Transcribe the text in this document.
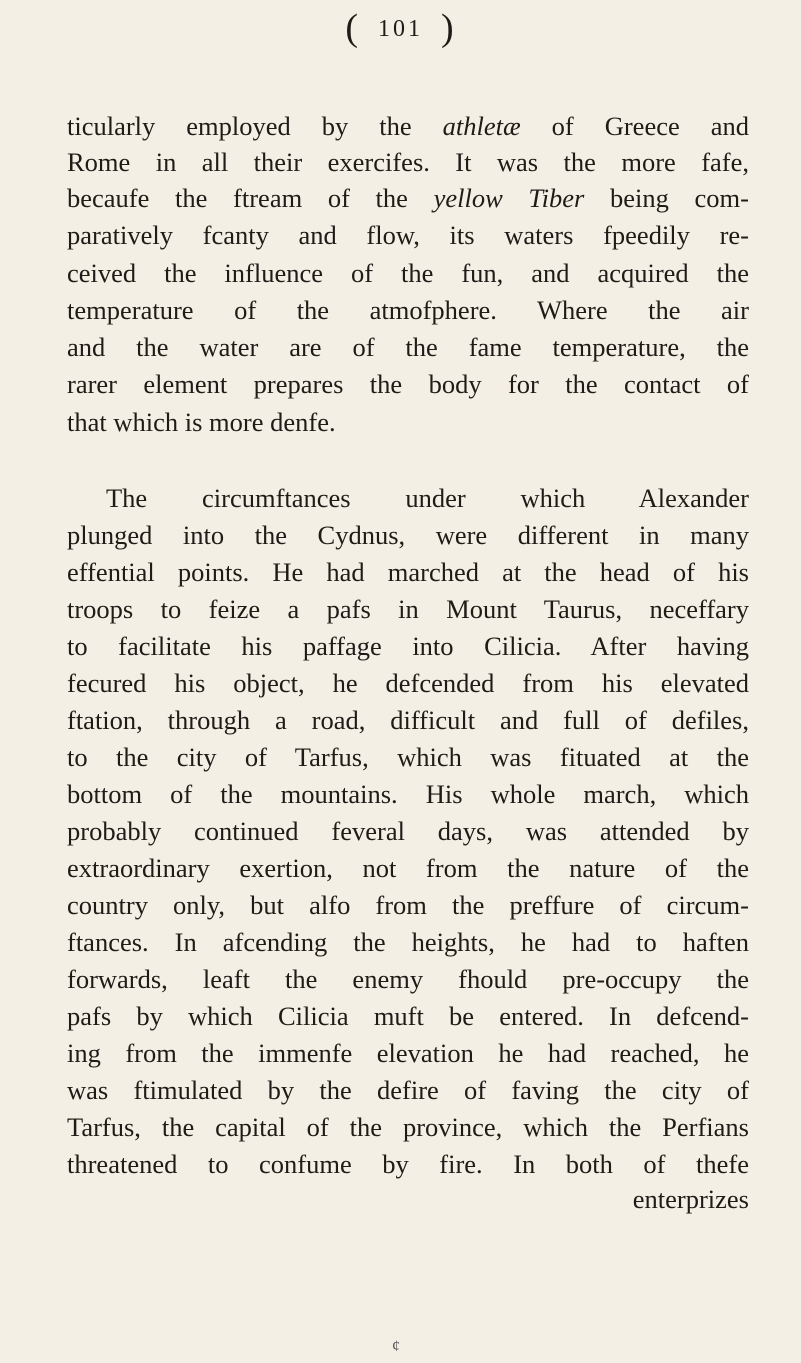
( 101 )
ticularly employed by the athletæ of Greece and
Rome in all their exercifes. It was the more fafe,
becaufe the ftream of the yellow Tiber being com-
paratively fcanty and flow, its waters fpeedily re-
ceived the influence of the fun, and acquired the
temperature of the atmofphere. Where the air
and the water are of the fame temperature, the
rarer element prepares the body for the contact of
that which is more denfe.
The circumftances under which Alexander
plunged into the Cydnus, were different in many
effential points. He had marched at the head of his
troops to feize a pafs in Mount Taurus, neceffary
to facilitate his paffage into Cilicia. After having
fecured his object, he defcended from his elevated
ftation, through a road, difficult and full of defiles,
to the city of Tarfus, which was fituated at the
bottom of the mountains. His whole march, which
probably continued feveral days, was attended by
extraordinary exertion, not from the nature of the
country only, but alfo from the preffure of circum-
ftances. In afcending the heights, he had to haften
forwards, leaft the enemy fhould pre-occupy the
pafs by which Cilicia muft be entered. In defcend-
ing from the immenfe elevation he had reached, he
was ftimulated by the defire of faving the city of
Tarfus, the capital of the province, which the Perfians
threatened to confume by fire. In both of thefe
enterprizes
¢
